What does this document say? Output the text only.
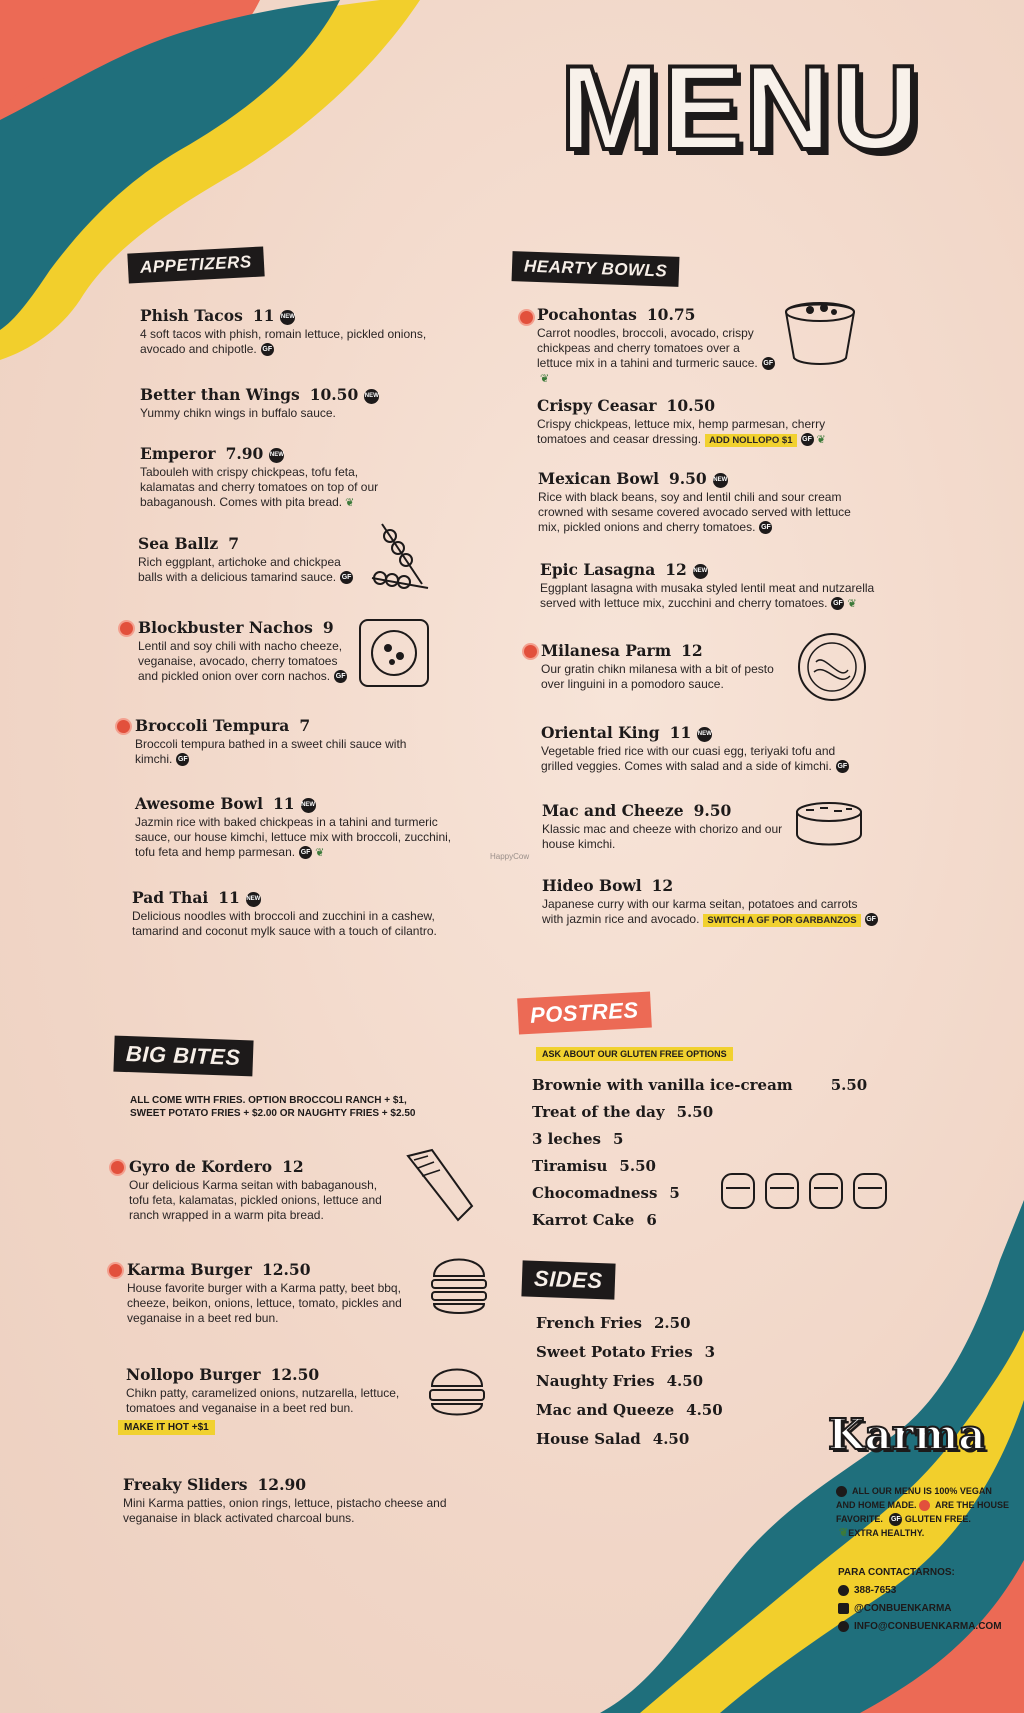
MENU
APPETIZERS
Phish Tacos 11 NEW
4 soft tacos with phish, romain lettuce, pickled onions, avocado and chipotle. GF
Better than Wings 10.50 NEW
Yummy chikn wings in buffalo sauce.
Emperor 7.90 NEW
Tabouleh with crispy chickpeas, tofu feta, kalamatas and cherry tomatoes on top of our babaganoush. Comes with pita bread. ❦
Sea Ballz 7
Rich eggplant, artichoke and chickpea balls with a delicious tamarind sauce. GF
Blockbuster Nachos 9
Lentil and soy chili with nacho cheeze, veganaise, avocado, cherry tomatoes and pickled onion over corn nachos. GF
Broccoli Tempura 7
Broccoli tempura bathed in a sweet chili sauce with kimchi. GF
Awesome Bowl 11 NEW
Jazmin rice with baked chickpeas in a tahini and turmeric sauce, our house kimchi, lettuce mix with broccoli, zucchini, tofu feta and hemp parmesan. GF ❦
Pad Thai 11 NEW
Delicious noodles with broccoli and zucchini in a cashew, tamarind and coconut mylk sauce with a touch of cilantro.
HEARTY BOWLS
Pocahontas 10.75
Carrot noodles, broccoli, avocado, crispy chickpeas and cherry tomatoes over a lettuce mix in a tahini and turmeric sauce. GF❦
Crispy Ceasar 10.50
Crispy chickpeas, lettuce mix, hemp parmesan, cherry tomatoes and ceasar dressing. ADD NOLLOPO $1 GF ❦
Mexican Bowl 9.50 NEW
Rice with black beans, soy and lentil chili and sour cream crowned with sesame covered avocado served with lettuce mix, pickled onions and cherry tomatoes. GF
Epic Lasagna 12 NEW
Eggplant lasagna with musaka styled lentil meat and nutzarella served with lettuce mix, zucchini and cherry tomatoes. GF ❦
Milanesa Parm 12
Our gratin chikn milanesa with a bit of pesto over linguini in a pomodoro sauce.
Oriental King 11 NEW
Vegetable fried rice with our cuasi egg, teriyaki tofu and grilled veggies. Comes with salad and a side of kimchi. GF
Mac and Cheeze 9.50
Klassic mac and cheeze with chorizo and our house kimchi.
Hideo Bowl 12
Japanese curry with our karma seitan, potatoes and carrots with jazmin rice and avocado. SWITCH A GF POR GARBANZOS GF
HappyCow
BIG BITES
ALL COME WITH FRIES. OPTION BROCCOLI RANCH + $1,
SWEET POTATO FRIES + $2.00 OR NAUGHTY FRIES + $2.50
Gyro de Kordero 12
Our delicious Karma seitan with babaganoush, tofu feta, kalamatas, pickled onions, lettuce and ranch wrapped in a warm pita bread.
Karma Burger 12.50
House favorite burger with a Karma patty, beet bbq, cheeze, beikon, onions, lettuce, tomato, pickles and veganaise in a beet red bun.
Nollopo Burger 12.50
Chikn patty, caramelized onions, nutzarella, lettuce, tomatoes and veganaise in a beet red bun.
MAKE IT HOT +$1
Freaky Sliders 12.90
Mini Karma patties, onion rings, lettuce, pistacho cheese and veganaise in black activated charcoal buns.
POSTRES
ASK ABOUT OUR GLUTEN FREE OPTIONS
Brownie with vanilla ice-cream	5.50
Treat of the day 5.50
3 leches 5
Tiramisu 5.50
Chocomadness 5
Karrot Cake 6
SIDES
French Fries 2.50
Sweet Potato Fries 3
Naughty Fries 4.50
Mac and Queeze 4.50
House Salad 4.50	Karma
ALL OUR MENU IS 100% VEGAN
AND HOME MADE. ARE THE HOUSE
FAVORITE. GF GLUTEN FREE.
❦EXTRA HEALTHY.
PARA CONTACTARNOS:
388-7653
@CONBUENKARMA
INFO@CONBUENKARMA.COM
